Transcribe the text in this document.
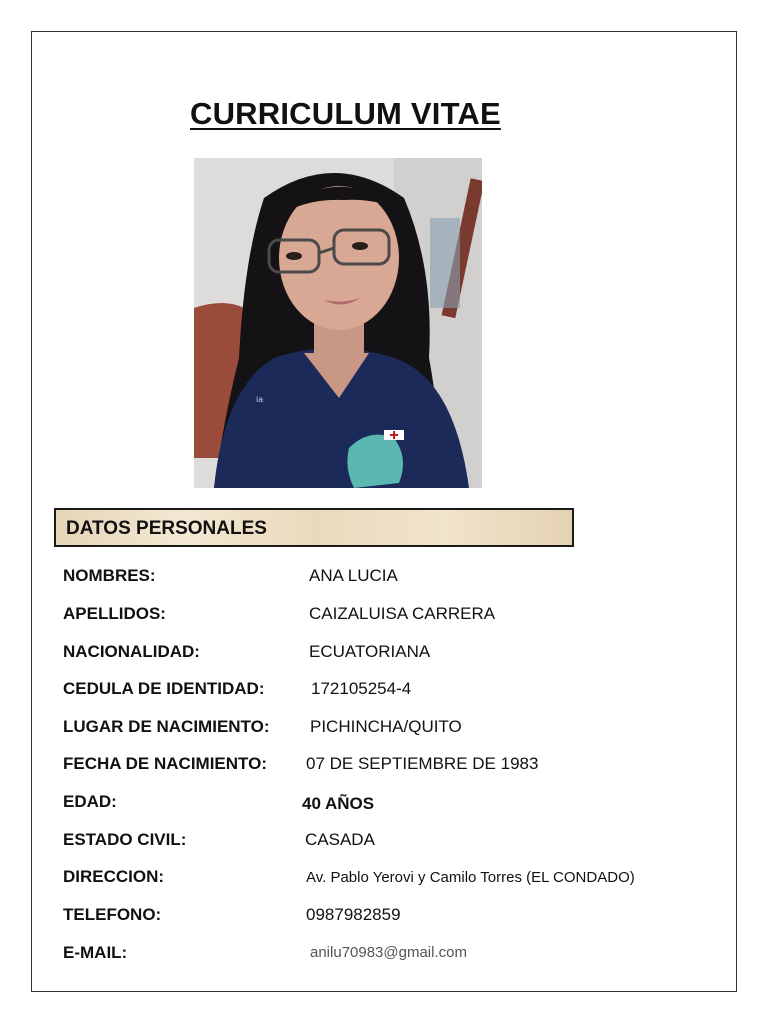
CURRICULUM VITAE
ia
DATOS PERSONALES
NOMBRES:	ANA LUCIA
APELLIDOS:	CAIZALUISA CARRERA
NACIONALIDAD:	ECUATORIANA
CEDULA DE IDENTIDAD:	172105254-4
LUGAR DE NACIMIENTO: PICHINCHA/QUITO
FECHA DE NACIMIENTO: 07 DE SEPTIEMBRE DE 1983
EDAD:	40 AÑOS
ESTADO CIVIL:	CASADA
DIRECCION:	Av. Pablo Yerovi y Camilo Torres (EL CONDADO)
TELEFONO:	0987982859
E-MAIL:	anilu70983@gmail.com
